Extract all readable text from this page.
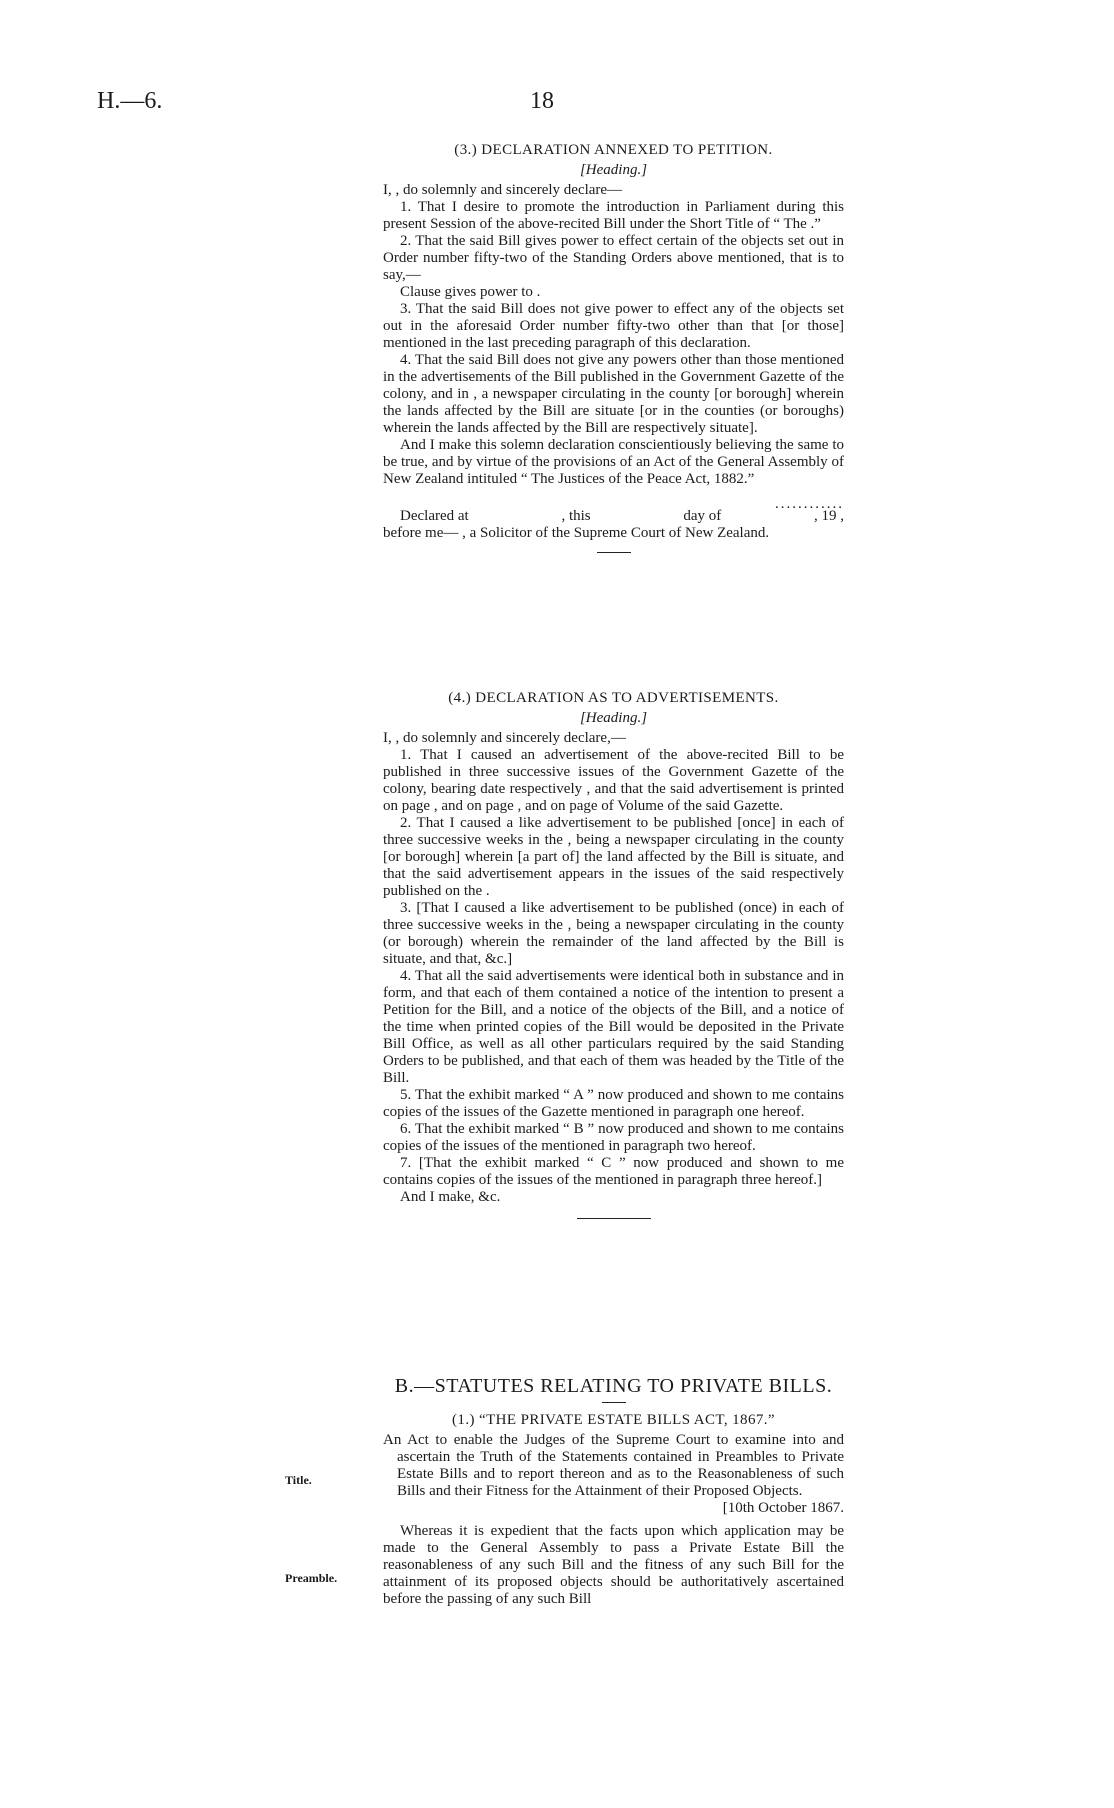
H.—6.	18

(3.) DECLARATION ANNEXED TO PETITION.

[Heading.]

I, , do solemnly and sincerely declare—

1. That I desire to promote the introduction in Parliament during this present Session of the above-recited Bill under the Short Title of “ The .”

2. That the said Bill gives power to effect certain of the objects set out in Order number fifty-two of the Standing Orders above mentioned, that is to say,—

Clause gives power to .

3. That the said Bill does not give power to effect any of the objects set out in the aforesaid Order number fifty-two other than that [or those] mentioned in the last preceding paragraph of this declaration.

4. That the said Bill does not give any powers other than those mentioned in the advertisements of the Bill published in the Government Gazette of the colony, and in , a newspaper circulating in the county [or borough] wherein the lands affected by the Bill are situate [or in the counties (or boroughs) wherein the lands affected by the Bill are respectively situate].

And I make this solemn declaration conscientiously believing the same to be true, and by virtue of the provisions of an Act of the General Assembly of New Zealand intituled “ The Justices of the Peace Act, 1882.”

............

Declared at	, this	day of	, 19 ,

before me— , a Solicitor of the Supreme Court of New Zealand.

(4.) DECLARATION AS TO ADVERTISEMENTS.

[Heading.]

I, , do solemnly and sincerely declare,—

1. That I caused an advertisement of the above-recited Bill to be published in three successive issues of the Government Gazette of the colony, bearing date respectively , and that the said advertisement is printed on page , and on page , and on page of Volume of the said Gazette.

2. That I caused a like advertisement to be published [once] in each of three successive weeks in the , being a newspaper circulating in the county [or borough] wherein [a part of] the land affected by the Bill is situate, and that the said advertisement appears in the issues of the said respectively published on the .

3. [That I caused a like advertisement to be published (once) in each of three successive weeks in the , being a newspaper circulating in the county (or borough) wherein the remainder of the land affected by the Bill is situate, and that, &c.]

4. That all the said advertisements were identical both in substance and in form, and that each of them contained a notice of the intention to present a Petition for the Bill, and a notice of the objects of the Bill, and a notice of the time when printed copies of the Bill would be deposited in the Private Bill Office, as well as all other particulars required by the said Standing Orders to be published, and that each of them was headed by the Title of the Bill.

5. That the exhibit marked “ A ” now produced and shown to me contains copies of the issues of the Gazette mentioned in paragraph one hereof.

6. That the exhibit marked “ B ” now produced and shown to me contains copies of the issues of the mentioned in paragraph two hereof.

7. [That the exhibit marked “ C ” now produced and shown to me contains copies of the issues of the mentioned in paragraph three hereof.]

And I make, &c.

B.—STATUTES RELATING TO PRIVATE BILLS.

(1.) “THE PRIVATE ESTATE BILLS ACT, 1867.”

An Act to enable the Judges of the Supreme Court to examine into and ascertain the Truth of the Statements contained in Preambles to Private Estate Bills and to report thereon and as to the Reasonableness of such Bills and their Fitness for the Attainment of their Proposed Objects.

[10th October 1867.

Whereas it is expedient that the facts upon which application may be made to the General Assembly to pass a Private Estate Bill the reasonableness of any such Bill and the fitness of any such Bill for the attainment of its proposed objects should be authoritatively ascertained before the passing of any such Bill

Title.
Preamble.
